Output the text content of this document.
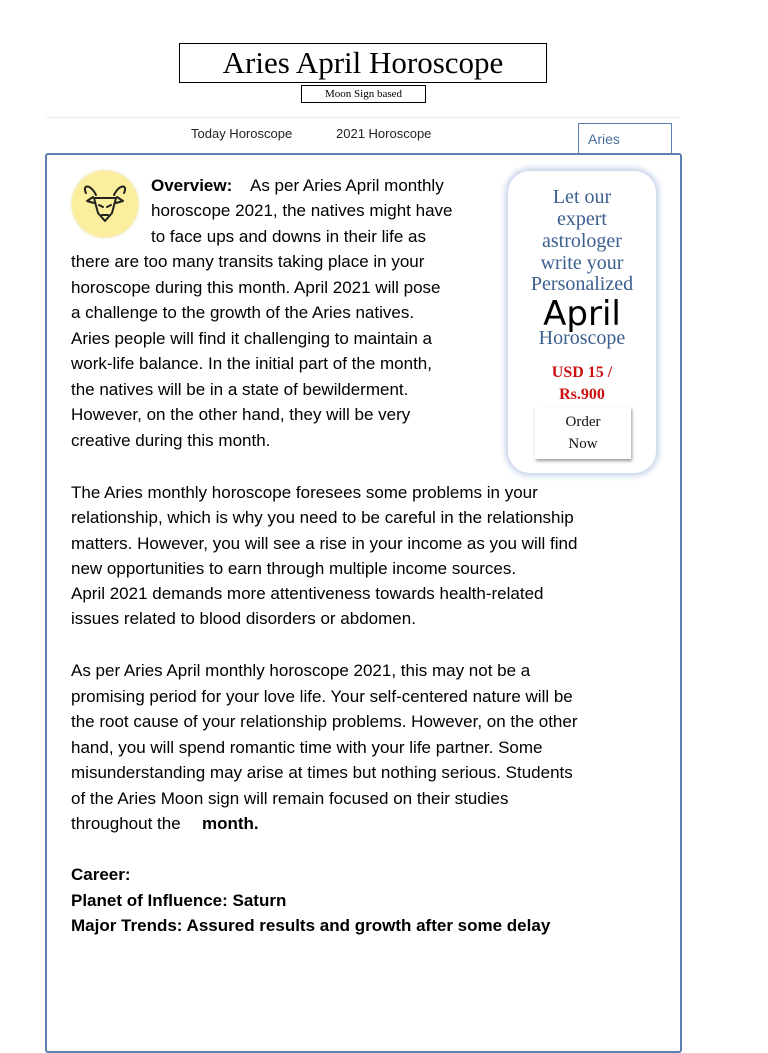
Aries April Horoscope
Moon Sign based
Today Horoscope	2021 Horoscope
Aries
Let our
expert
astrologer
write your
Personalized
April
Horoscope
USD 15 /
Rs.900
Order
Now
Overview: As per Aries April monthly
horoscope 2021, the natives might have
to face ups and downs in their life as
there are too many transits taking place in your
horoscope during this month. April 2021 will pose
a challenge to the growth of the Aries natives.
Aries people will find it challenging to maintain a
work-life balance. In the initial part of the month,
the natives will be in a state of bewilderment.
However, on the other hand, they will be very
creative during this month.
The Aries monthly horoscope foresees some problems in your
relationship, which is why you need to be careful in the relationship
matters. However, you will see a rise in your income as you will find
new opportunities to earn through multiple income sources.
April 2021 demands more attentiveness towards health-related
issues related to blood disorders or abdomen.
As per Aries April monthly horoscope 2021, this may not be a
promising period for your love life. Your self-centered nature will be
the root cause of your relationship problems. However, on the other
hand, you will spend romantic time with your life partner. Some
misunderstanding may arise at times but nothing serious. Students
of the Aries Moon sign will remain focused on their studies
throughout the month.
Career:
Planet of Influence: Saturn
Major Trends: Assured results and growth after some delay
